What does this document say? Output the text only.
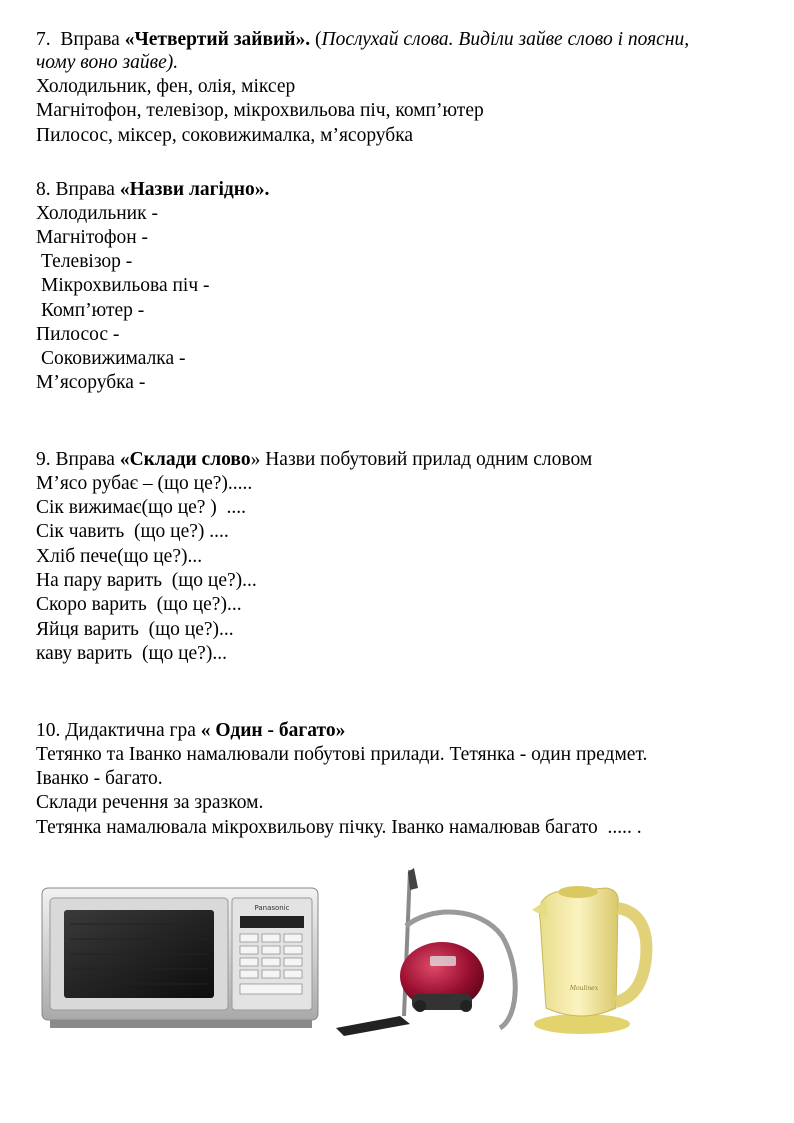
7.  Вправа «Четвертий зайвий». (Послухай слова. Виділи зайве слово і поясни,
чому воно зайве).
Холодильник, фен, олія, міксер
Магнітофон, телевізор, мікрохвильова піч, комп’ютер
Пилосос, міксер, соковижималка, м’ясорубка
8. Вправа «Назви лагідно».
Холодильник -
Магнітофон -
Телевізор -
Мікрохвильова піч -
Комп’ютер -
Пилосос -
Соковижималка -
М’ясорубка -
9. Вправа «Склади слово» Назви побутовий прилад одним словом
М’ясо рубає – (що це?).....
Сік вижимає(що це? )  ....
Сік чавить  (що це?) ....
Хліб пече(що це?)...
На пару варить  (що це?)...
Скоро варить  (що це?)...
Яйця варить  (що це?)...
каву варить  (що це?)...
10. Дидактична гра « Один - багато»
Тетянко та Іванко намалювали побутові прилади. Тетянка - один предмет.
Іванко - багато.
Склади речення за зразком.
Тетянка намалювала мікрохвильову пічку. Іванко намалював багато  ..... .
Panasonic
Moulinex
